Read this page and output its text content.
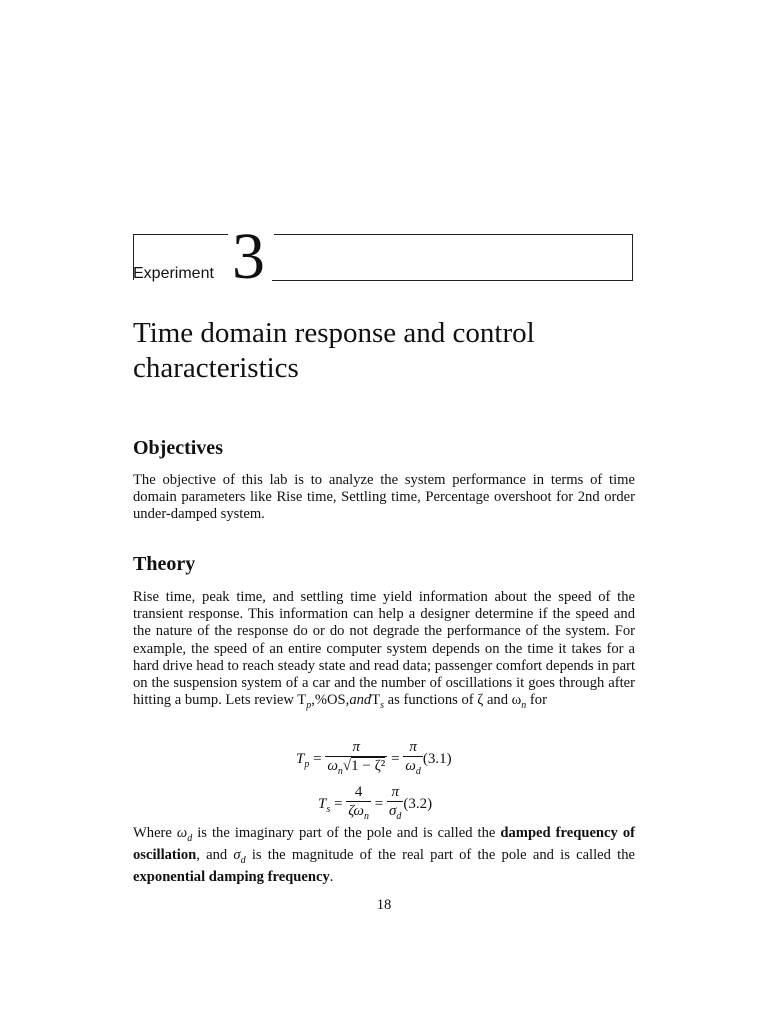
Experiment 3
Time domain response and control characteristics
Objectives

The objective of this lab is to analyze the system performance in terms of time domain parameters like Rise time, Settling time, Percentage overshoot for 2nd order under-damped system.

Theory

Rise time, peak time, and settling time yield information about the speed of the transient response. This information can help a designer determine if the speed and the nature of the response do or do not degrade the performance of the system. For example, the speed of an entire computer system depends on the time it takes for a hard drive head to reach steady state and read data; passenger comfort depends in part on the suspension system of a car and the number of oscillations it goes through after hitting a bump. Lets review $T_p,\%OS,andT_s$ as functions of ζ and $\omega_n$ for

$T_p = \frac{\pi}{\omega_n√1 - \zeta^2} = \frac{\pi}{\omega_d} (3.1)$
$T_s = \frac{4}{\zeta\omega_n} = \frac{\pi}{\sigma_d} (3.2)$

Where $\omega_d$ is the imaginary part of the pole and is called the damped frequency of oscillation, and $\sigma_d$ is the magnitude of the real part of the pole and is called the exponential damping frequency.

18
